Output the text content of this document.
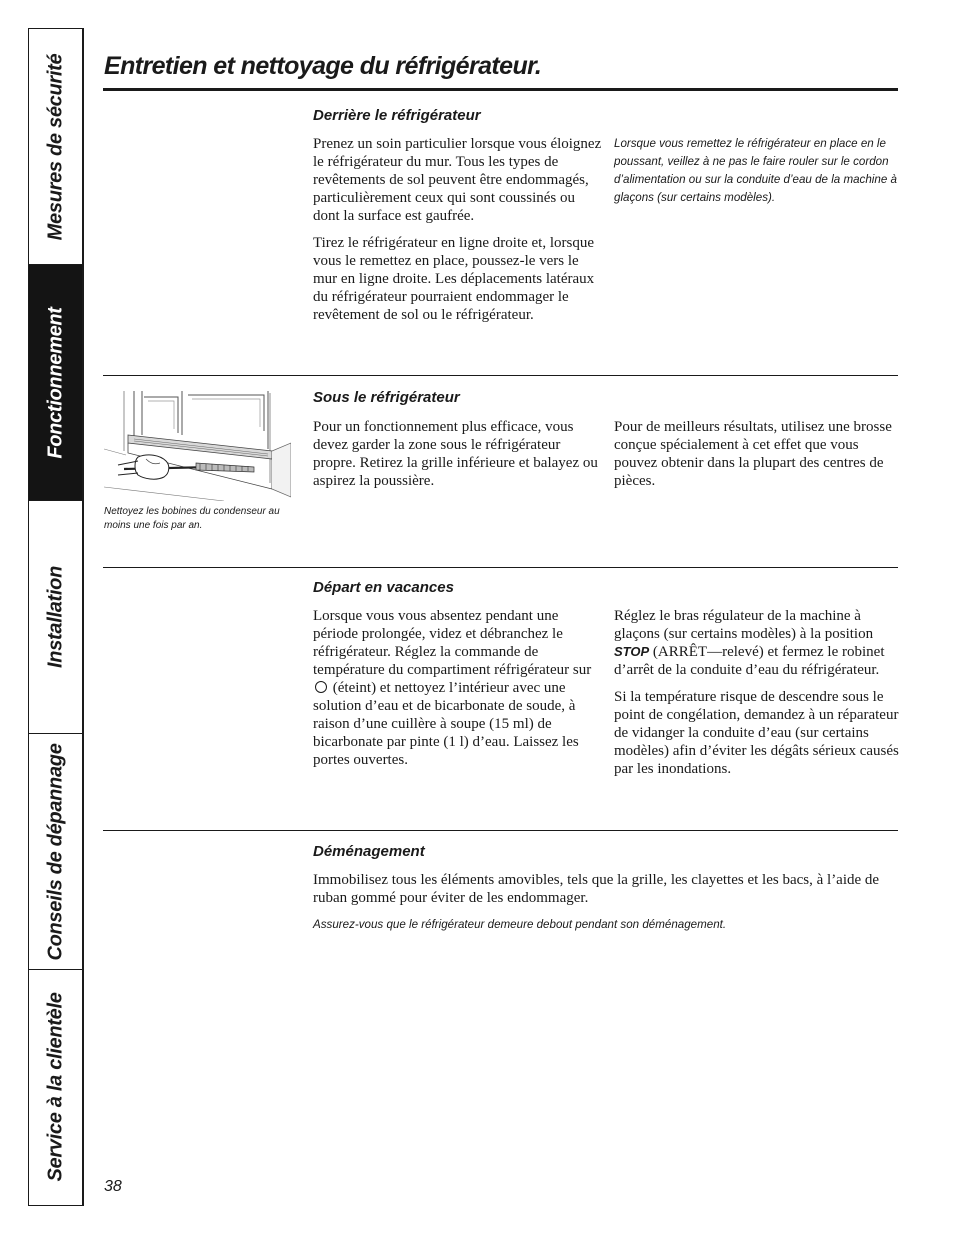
Mesures de sécurité
Fonctionnement
Installation
Conseils de dépannage
Service à la clientèle
Entretien et nettoyage du réfrigérateur.
Derrière le réfrigérateur

Prenez un soin particulier lorsque vous éloignez le réfrigérateur du mur. Tous les types de revêtements de sol peuvent être endommagés, particulièrement ceux qui sont coussinés ou dont la surface est gaufrée.

Tirez le réfrigérateur en ligne droite et, lorsque vous le remettez en place, poussez-le vers le mur en ligne droite. Les déplacements latéraux du réfrigérateur pourraient endommager le revêtement de sol ou le réfrigérateur.

Lorsque vous remettez le réfrigérateur en place en le poussant, veillez à ne pas le faire rouler sur le cordon d’alimentation ou sur la conduite d’eau de la machine à glaçons (sur certains modèles).

Nettoyez les bobines du condenseur au moins une fois par an.

Sous le réfrigérateur

Pour un fonctionnement plus efficace, vous devez garder la zone sous le réfrigérateur propre. Retirez la grille inférieure et balayez ou aspirez la poussière.

Pour de meilleurs résultats, utilisez une brosse conçue spécialement à cet effet que vous pouvez obtenir dans la plupart des centres de pièces.

Départ en vacances

Lorsque vous vous absentez pendant une période prolongée, videz et débranchez le réfrigérateur. Réglez la commande de température du compartiment réfrigérateur sur  (éteint) et nettoyez l’intérieur avec une solution d’eau et de bicarbonate de soude, à raison d’une cuillère à soupe (15 ml) de bicarbonate par pinte (1 l) d’eau. Laissez les portes ouvertes.

Réglez le bras régulateur de la machine à glaçons (sur certains modèles) à la position STOP (ARRÊT—relevé) et fermez le robinet d’arrêt de la conduite d’eau du réfrigérateur.

Si la température risque de descendre sous le point de congélation, demandez à un réparateur de vidanger la conduite d’eau (sur certains modèles) afin d’éviter les dégâts sérieux causés par les inondations.

Déménagement

Immobilisez tous les éléments amovibles, tels que la grille, les clayettes et les bacs, à l’aide de ruban gommé pour éviter de les endommager.

Assurez-vous que le réfrigérateur demeure debout pendant son déménagement.

38
